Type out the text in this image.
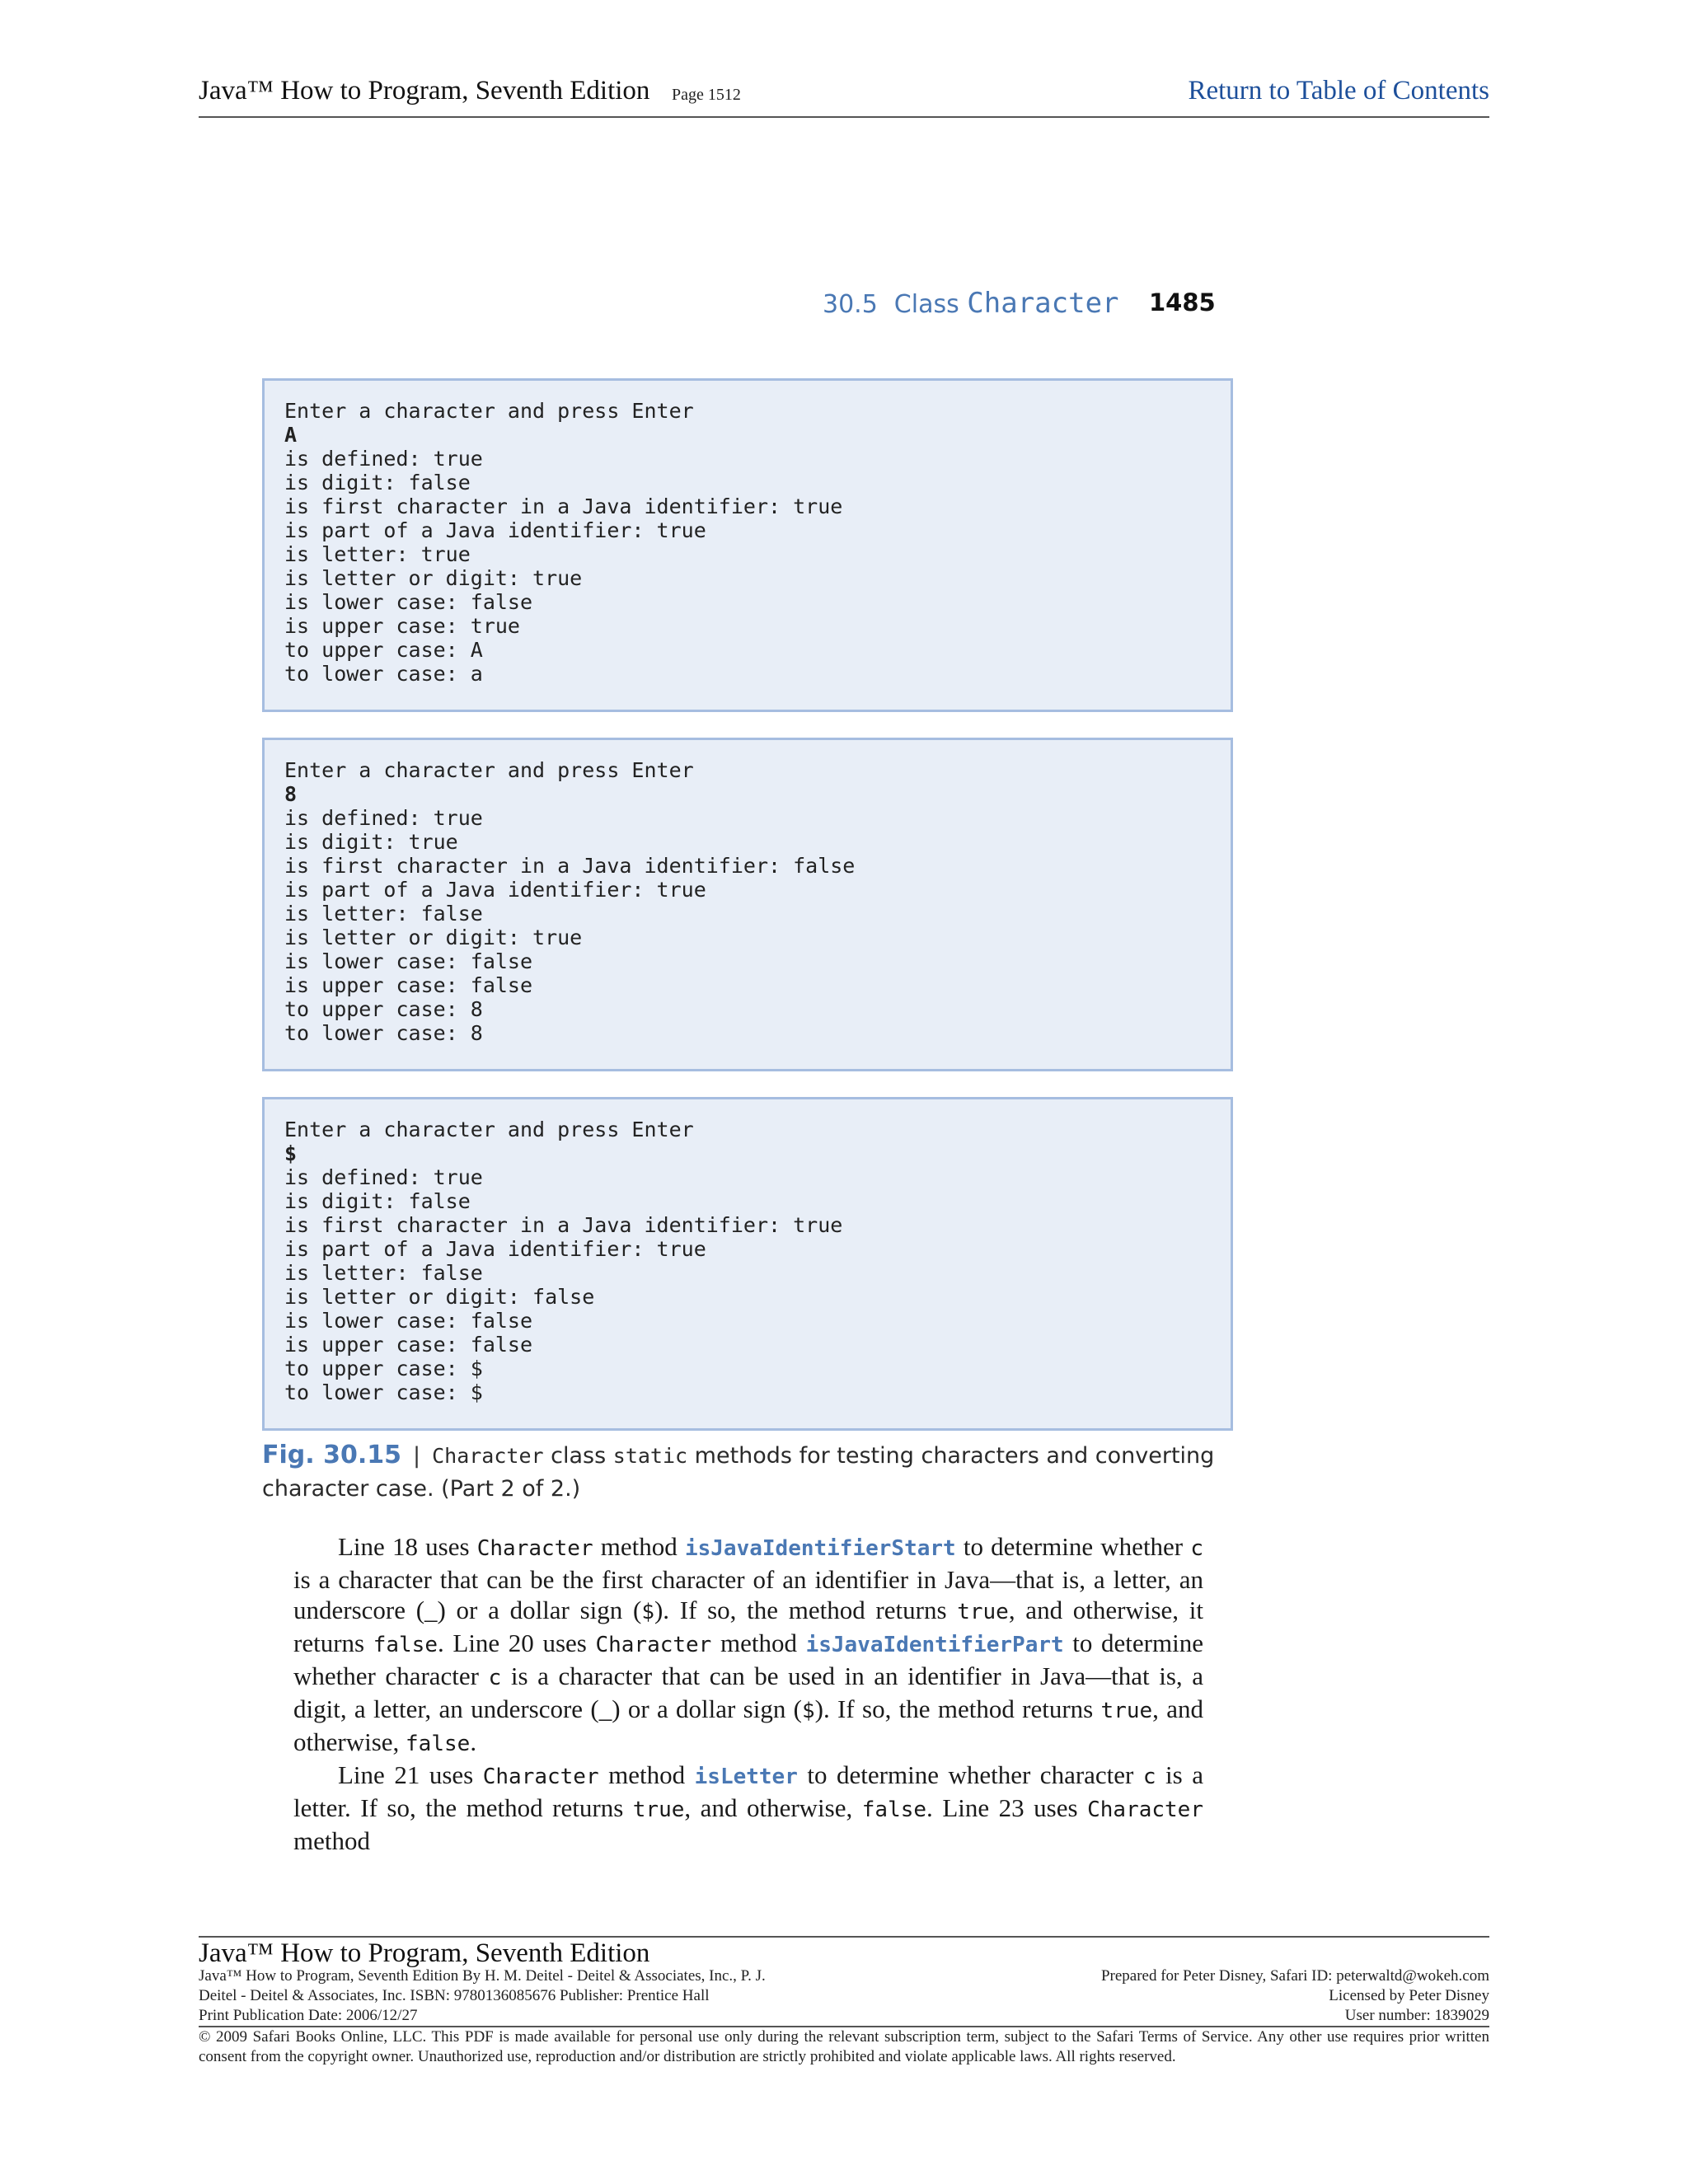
Java™ How to Program, Seventh Edition Page 1512	Return to Table of Contents
30.5 Class Character 1485
Enter a character and press Enter
A
is defined: true
is digit: false
is first character in a Java identifier: true
is part of a Java identifier: true
is letter: true
is letter or digit: true
is lower case: false
is upper case: true
to upper case: A
to lower case: a
Enter a character and press Enter
8
is defined: true
is digit: true
is first character in a Java identifier: false
is part of a Java identifier: true
is letter: false
is letter or digit: true
is lower case: false
is upper case: false
to upper case: 8
to lower case: 8
Enter a character and press Enter
$
is defined: true
is digit: false
is first character in a Java identifier: true
is part of a Java identifier: true
is letter: false
is letter or digit: false
is lower case: false
is upper case: false
to upper case: $
to lower case: $
Fig. 30.15 | Character class static methods for testing characters and converting character case. (Part 2 of 2.)

Line 18 uses Character method isJavaIdentifierStart to determine whether c is a character that can be the first character of an identifier in Java—that is, a letter, an underscore (_) or a dollar sign ($). If so, the method returns true, and otherwise, it returns false. Line 20 uses Character method isJavaIdentifierPart to determine whether character c is a character that can be used in an identifier in Java—that is, a digit, a letter, an underscore (_) or a dollar sign ($). If so, the method returns true, and otherwise, false.

Line 21 uses Character method isLetter to determine whether character c is a letter. If so, the method returns true, and otherwise, false. Line 23 uses Character method

Java™ How to Program, Seventh Edition
Java™ How to Program, Seventh Edition By H. M. Deitel - Deitel & Associates, Inc., P. J.
Deitel - Deitel & Associates, Inc. ISBN: 9780136085676 Publisher: Prentice Hall
Print Publication Date: 2006/12/27
Prepared for Peter Disney, Safari ID: peterwaltd@wokeh.com
Licensed by Peter Disney
User number: 1839029
© 2009 Safari Books Online, LLC. This PDF is made available for personal use only during the relevant subscription term, subject to the Safari Terms of Service. Any other use requires prior written consent from the copyright owner. Unauthorized use, reproduction and/or distribution are strictly prohibited and violate applicable laws. All rights reserved.
